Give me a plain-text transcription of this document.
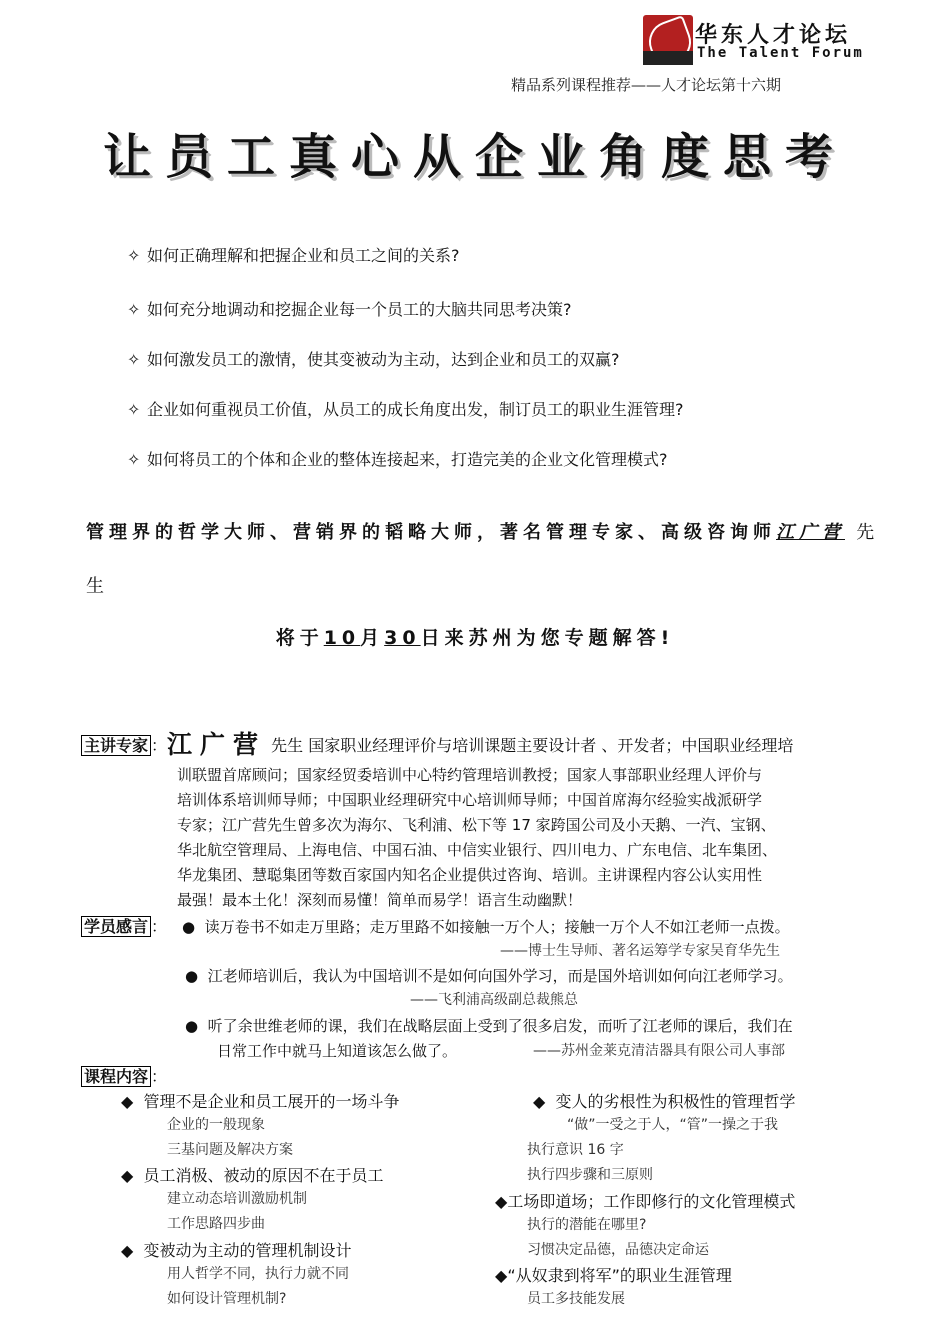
华东人才论坛
The Talent Forum
精品系列课程推荐——人才论坛第十六期
让员工真心从企业角度思考
✧ 如何正确理解和把握企业和员工之间的关系?
✧ 如何充分地调动和挖掘企业每一个员工的大脑共同思考决策?
✧ 如何激发员工的激情，使其变被动为主动，达到企业和员工的双赢?
✧ 企业如何重视员工价值，从员工的成长角度出发，制订员工的职业生涯管理?
✧ 如何将员工的个体和企业的整体连接起来，打造完美的企业文化管理模式?
管理界的哲学大师、营销界的韬略大师，著名管理专家、高级咨询师江广营 先
生
将于10月30日来苏州为您专题解答!
主讲专家 ：江广营 先生 国家职业经理评价与培训课题主要设计者 、开发者；中国职业经理培
训联盟首席顾问；国家经贸委培训中心特约管理培训教授；国家人事部职业经理人评价与
培训体系培训师导师；中国职业经理研究中心培训师导师；中国首席海尔经验实战派研学
专家；江广营先生曾多次为海尔、飞利浦、松下等 17 家跨国公司及小天鹅、一汽、宝钢、
华北航空管理局、上海电信、中国石油、中信实业银行、四川电力、广东电信、北车集团、
华龙集团、慧聪集团等数百家国内知名企业提供过咨询、培训。主讲课程内容公认实用性
最强！最本土化！深刻而易懂！简单而易学！语言生动幽默！
学员感言 ： ● 读万卷书不如走万里路；走万里路不如接触一万个人；接触一万个人不如江老师一点拨。
——博士生导师、著名运筹学专家吴育华先生
● 江老师培训后，我认为中国培训不是如何向国外学习，而是国外培训如何向江老师学习。
——飞利浦高级副总裁熊总
● 听了余世维老师的课，我们在战略层面上受到了很多启发，而听了江老师的课后，我们在
日常工作中就马上知道该怎么做了。	——苏州金莱克清洁器具有限公司人事部
课程内容 ：
◆ 管理不是企业和员工展开的一场斗争
企业的一般现象
三基问题及解决方案
◆ 员工消极、被动的原因不在于员工
建立动态培训激励机制
工作思路四步曲
◆ 变被动为主动的管理机制设计
用人哲学不同，执行力就不同
如何设计管理机制?
◆ 变人的劣根性为积极性的管理哲学
“做”一受之于人，“管”一操之于我
执行意识 16 字
执行四步骤和三原则
◆工场即道场；工作即修行的文化管理模式
执行的潜能在哪里?
习惯决定品德，品德决定命运
◆“从奴隶到将军”的职业生涯管理
员工多技能发展
